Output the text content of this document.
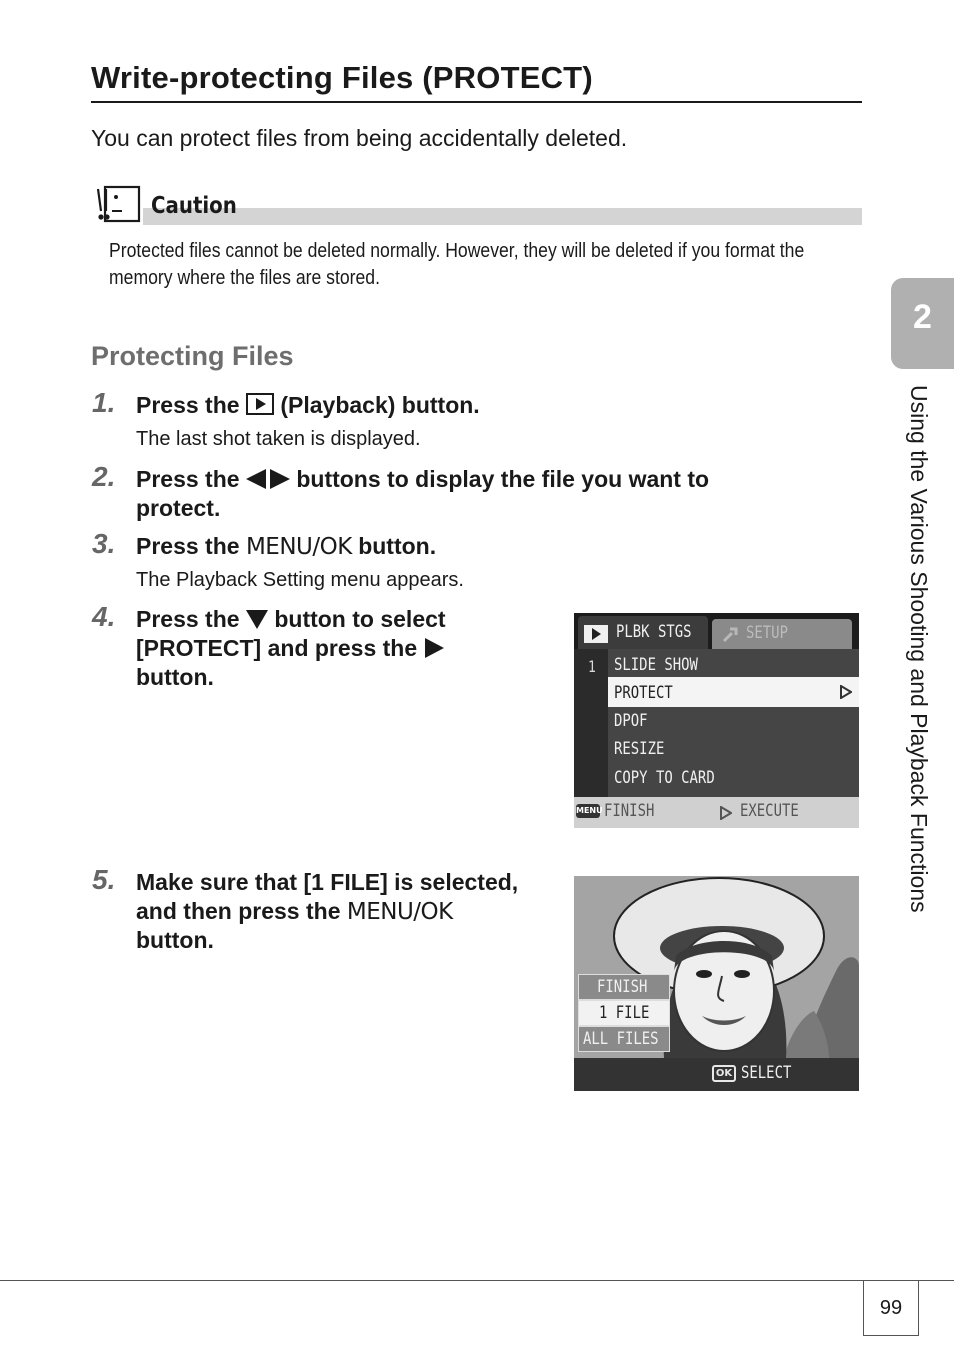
Write-protecting Files (PROTECT)
You can protect files from being accidentally deleted.
Caution
Protected files cannot be deleted normally. However, they will be deleted if you format the memory where the files are stored.
Protecting Files
1. Press the (Playback) button.
The last shot taken is displayed.
2. Press the buttons to display the file you want to
protect.
3. Press the MENU/OK button.
The Playback Setting menu appears.
4. Press the button to select
[PROTECT] and press the
button.
PLBK STGS	SETUP
1 SLIDE SHOW
PROTECT
DPOF
RESIZE
COPY TO CARD
MENU FINISH	EXECUTE
5. Make sure that [1 FILE] is selected,
and then press the MENU/OK
button.
FINISH
1 FILE
ALL FILES
OK SELECT
2
Using the Various Shooting and Playback Functions
99
